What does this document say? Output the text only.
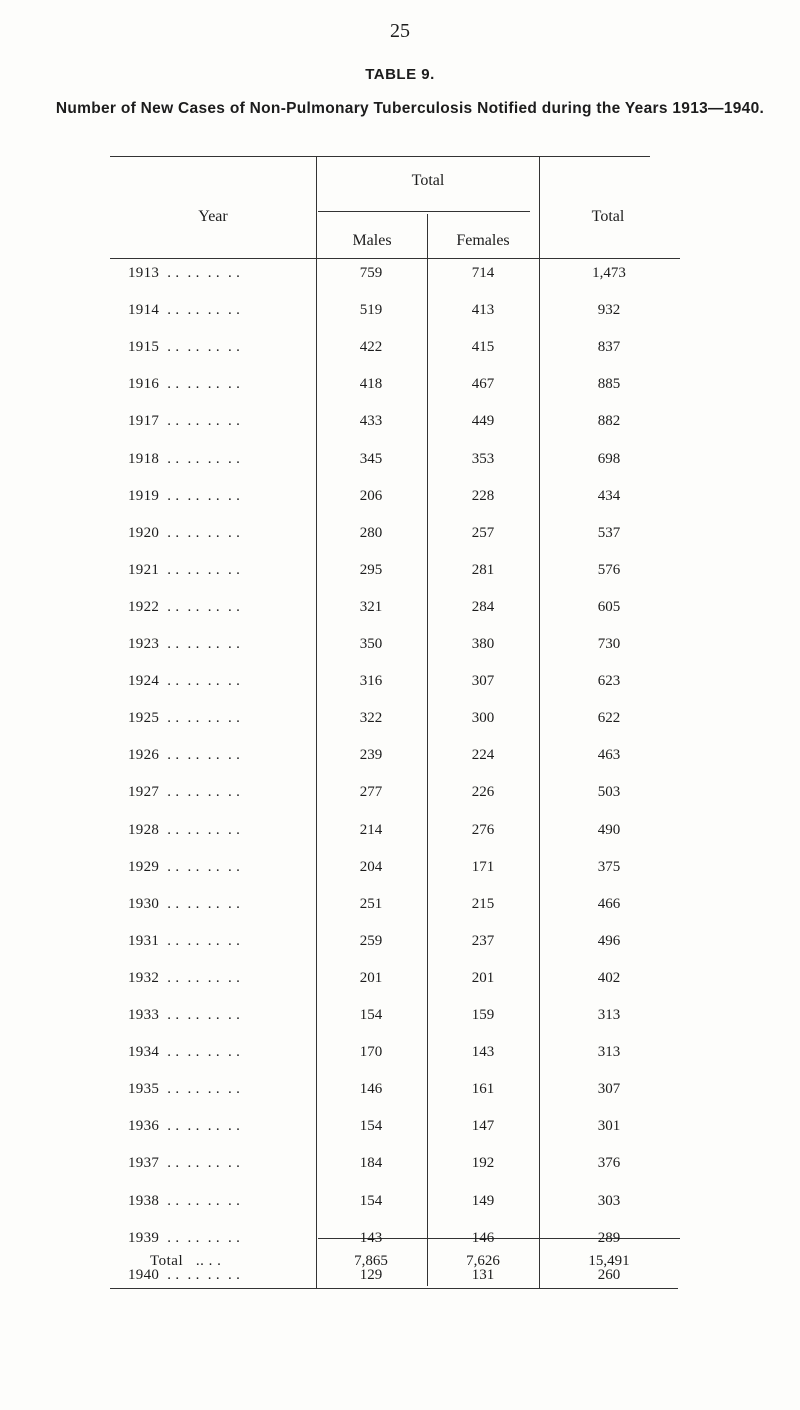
25
TABLE 9.
Number of New Cases of Non-Pulmonary Tuberculosis Notified during the Years 1913—1940.
Year
Total
Males	Females
Total
1913  . .  . .  . .  . .	759	714	1,473
1914  . .  . .  . .  . .	519	413	932
1915  . .  . .  . .  . .	422	415	837
1916  . .  . .  . .  . .	418	467	885
1917  . .  . .  . .  . .	433	449	882
1918  . .  . .  . .  . .	345	353	698
1919  . .  . .  . .  . .	206	228	434
1920  . .  . .  . .  . .	280	257	537
1921  . .  . .  . .  . .	295	281	576
1922  . .  . .  . .  . .	321	284	605
1923  . .  . .  . .  . .	350	380	730
1924  . .  . .  . .  . .	316	307	623
1925  . .  . .  . .  . .	322	300	622
1926  . .  . .  . .  . .	239	224	463
1927  . .  . .  . .  . .	277	226	503
1928  . .  . .  . .  . .	214	276	490
1929  . .  . .  . .  . .	204	171	375
1930  . .  . .  . .  . .	251	215	466
1931  . .  . .  . .  . .	259	237	496
1932  . .  . .  . .  . .	201	201	402
1933  . .  . .  . .  . .	154	159	313
1934  . .  . .  . .  . .	170	143	313
1935  . .  . .  . .  . .	146	161	307
1936  . .  . .  . .  . .	154	147	301
1937  . .  . .  . .  . .	184	192	376
1938  . .  . .  . .  . .	154	149	303
1939  . .  . .  . .  . .	143	146	289
1940  . .  . .  . .  . .	129	131	260
Total   .. . .	7,865	7,626	15,491
